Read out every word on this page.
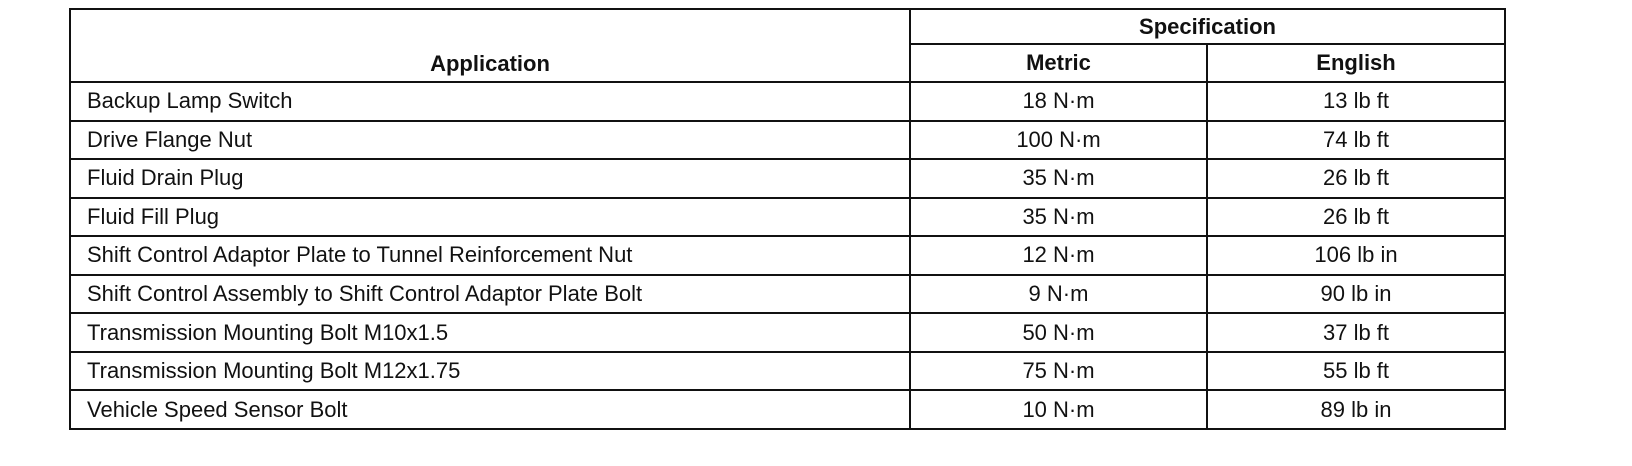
Application	Specification	
	Metric	English
Backup Lamp Switch	18 N·m	13 lb ft
Drive Flange Nut	100 N·m	74 lb ft
Fluid Drain Plug	35 N·m	26 lb ft
Fluid Fill Plug	35 N·m	26 lb ft
Shift Control Adaptor Plate to Tunnel Reinforcement Nut	12 N·m	106 lb in
Shift Control Assembly to Shift Control Adaptor Plate Bolt	9 N·m	90 lb in
Transmission Mounting Bolt M10x1.5	50 N·m	37 lb ft
Transmission Mounting Bolt M12x1.75	75 N·m	55 lb ft
Vehicle Speed Sensor Bolt	10 N·m	89 lb in
